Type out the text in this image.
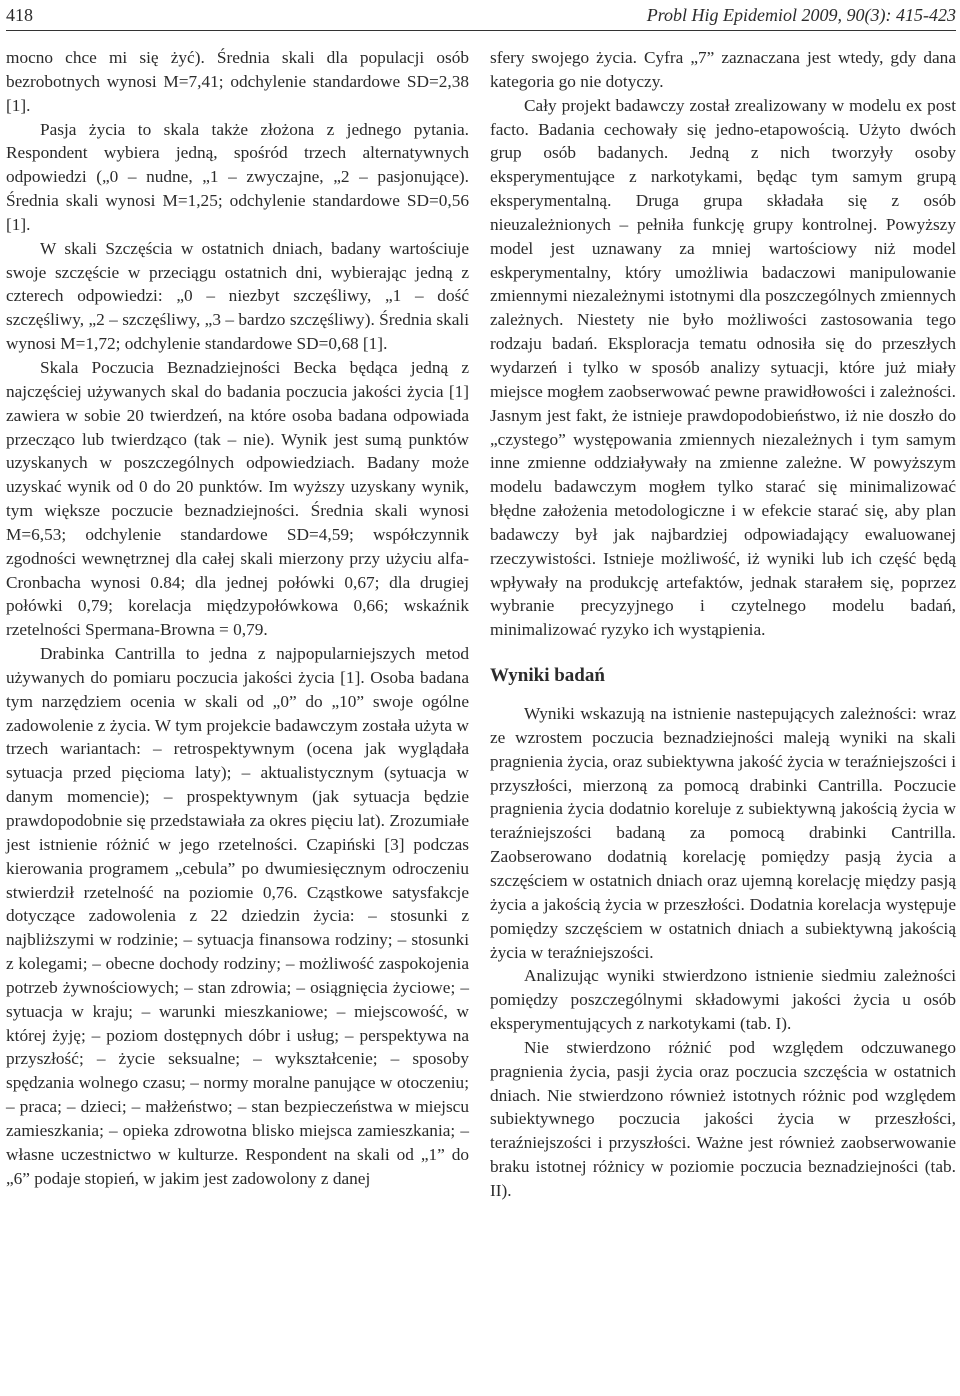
418	Probl Hig Epidemiol 2009, 90(3): 415-423

mocno chce mi się żyć). Średnia skali dla populacji osób bezrobotnych wynosi M=7,41; odchylenie standardowe SD=2,38 [1].

Pasja życia to skala także złożona z jednego pytania. Respondent wybiera jedną, spośród trzech alternatywnych odpowiedzi („0 – nudne, „1 – zwyczajne, „2 – pasjonujące). Średnia skali wynosi M=1,25; odchylenie standardowe SD=0,56 [1].

W skali Szczęścia w ostatnich dniach, badany wartościuje swoje szczęście w przeciągu ostatnich dni, wybierając jedną z czterech odpowiedzi: „0 – niezbyt szczęśliwy, „1 – dość szczęśliwy, „2 – szczęśliwy, „3 – bardzo szczęśliwy). Średnia skali wynosi M=1,72; odchylenie standardowe SD=0,68 [1].

Skala Poczucia Beznadziejności Becka będąca jedną z najczęściej używanych skal do badania poczucia jakości życia [1] zawiera w sobie 20 twierdzeń, na które osoba badana odpowiada przecząco lub twierdząco (tak – nie). Wynik jest sumą punktów uzyskanych w poszczególnych odpowiedziach. Badany może uzyskać wynik od 0 do 20 punktów. Im wyższy uzyskany wynik, tym większe poczucie beznadziejności. Średnia skali wynosi M=6,53; odchylenie standardowe SD=4,59; współczynnik zgodności wewnętrznej dla całej skali mierzony przy użyciu alfa-Cronbacha wynosi 0.84; dla jednej połówki 0,67; dla drugiej połówki 0,79; korelacja międzypołówkowa 0,66; wskaźnik rzetelności Spermana-Browna = 0,79.

Drabinka Cantrilla to jedna z najpopularniejszych metod używanych do pomiaru poczucia jakości życia [1]. Osoba badana tym narzędziem ocenia w skali od „0” do „10” swoje ogólne zadowolenie z życia. W tym projekcie badawczym została użyta w trzech wariantach: – retrospektywnym (ocena jak wyglądała sytuacja przed pięcioma laty); – aktualistycznym (sytuacja w danym momencie); – prospektywnym (jak sytuacja będzie prawdopodobnie się przedstawiała za okres pięciu lat). Zrozumiałe jest istnienie różnić w jego rzetelności. Czapiński [3] podczas kierowania programem „cebula” po dwumiesięcznym odroczeniu stwierdził rzetelność na poziomie 0,76. Cząstkowe satysfakcje dotyczące zadowolenia z 22 dziedzin życia: – stosunki z najbliższymi w rodzinie; – sytuacja finansowa rodziny; – stosunki z kolegami; – obecne dochody rodziny; – możliwość zaspokojenia potrzeb żywnościowych; – stan zdrowia; – osiągnięcia życiowe; – sytuacja w kraju; – warunki mieszkaniowe; – miejscowość, w której żyję; – poziom dostępnych dóbr i usług; – perspektywa na przyszłość; – życie seksualne; – wykształcenie; – sposoby spędzania wolnego czasu; – normy moralne panujące w otoczeniu; – praca; – dzieci; – małżeństwo; – stan bezpieczeństwa w miejscu zamieszkania; – opieka zdrowotna blisko miejsca zamieszkania; – własne uczestnictwo w kulturze. Respondent na skali od „1” do „6” podaje stopień, w jakim jest zadowolony z danej

sfery swojego życia. Cyfra „7” zaznaczana jest wtedy, gdy dana kategoria go nie dotyczy.

Cały projekt badawczy został zrealizowany w modelu ex post facto. Badania cechowały się jedno-etapowością. Użyto dwóch grup osób badanych. Jedną z nich tworzyły osoby eksperymentujące z narkotykami, będąc tym samym grupą eksperymentalną. Druga grupa składała się z osób nieuzależnionych – pełniła funkcję grupy kontrolnej. Powyższy model jest uznawany za mniej wartościowy niż model eskperymentalny, który umożliwia badaczowi manipulowanie zmiennymi niezależnymi istotnymi dla poszczególnych zmiennych zależnych. Niestety nie było możliwości zastosowania tego rodzaju badań. Eksploracja tematu odnosiła się do przeszłych wydarzeń i tylko w sposób analizy sytuacji, które już miały miejsce mogłem zaobserwować pewne prawidłowości i zależności. Jasnym jest fakt, że istnieje prawdopodobieństwo, iż nie doszło do „czystego” występowania zmiennych niezależnych i tym samym inne zmienne oddziaływały na zmienne zależne. W powyższym modelu badawczym mogłem tylko starać się minimalizować błędne założenia metodologiczne i w efekcie starać się, aby plan badawczy był jak najbardziej odpowiadający ewaluowanej rzeczywistości. Istnieje możliwość, iż wyniki lub ich część będą wpływały na produkcję artefaktów, jednak starałem się, poprzez wybranie precyzyjnego i czytelnego modelu badań, minimalizować ryzyko ich wystąpienia.

Wyniki badań

Wyniki wskazują na istnienie nastepujących zależności: wraz ze wzrostem poczucia beznadziejności maleją wyniki na skali pragnienia życia, oraz subiektywna jakość życia w teraźniejszości i przyszłości, mierzoną za pomocą drabinki Cantrilla. Poczucie pragnienia życia dodatnio koreluje z subiektywną jakością życia w teraźniejszości badaną za pomocą drabinki Cantrilla. Zaobserowano dodatnią korelację pomiędzy pasją życia a szczęściem w ostatnich dniach oraz ujemną korelację między pasją życia a jakością życia w przeszłości. Dodatnia korelacja występuje pomiędzy szczęściem w ostatnich dniach a subiektywną jakością życia w teraźniejszości.

Analizując wyniki stwierdzono istnienie siedmiu zależności pomiędzy poszczególnymi składowymi jakości życia u osób eksperymentujących z narkotykami (tab. I).

Nie stwierdzono różnić pod względem odczuwanego pragnienia życia, pasji życia oraz poczucia szczęścia w ostatnich dniach. Nie stwierdzono również istotnych różnic pod względem subiektywnego poczucia jakości życia w przeszłości, teraźniejszości i przyszłości. Ważne jest również zaobserwowanie braku istotnej różnicy w poziomie poczucia beznadziejności (tab. II).
